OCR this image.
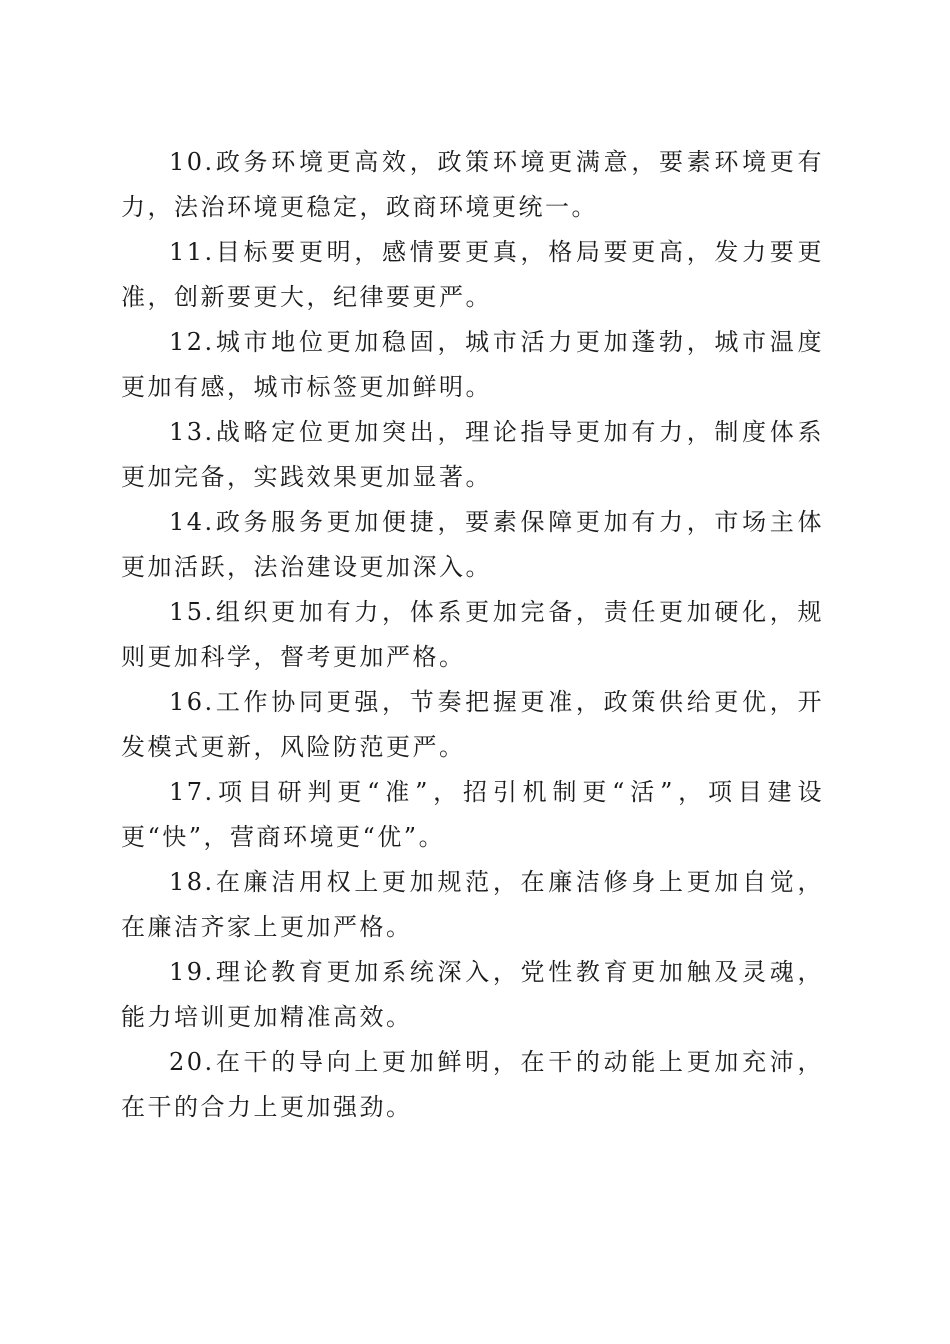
10.政务环境更高效，政策环境更满意，要素环境更有力，法治环境更稳定，政商环境更统一。

11.目标要更明，感情要更真，格局要更高，发力要更准，创新要更大，纪律要更严。

12.城市地位更加稳固，城市活力更加蓬勃，城市温度更加有感，城市标签更加鲜明。

13.战略定位更加突出，理论指导更加有力，制度体系更加完备，实践效果更加显著。

14.政务服务更加便捷，要素保障更加有力，市场主体更加活跃，法治建设更加深入。

15.组织更加有力，体系更加完备，责任更加硬化，规则更加科学，督考更加严格。

16.工作协同更强，节奏把握更准，政策供给更优，开发模式更新，风险防范更严。

17.项目研判更“准”，招引机制更“活”，项目建设更“快”，营商环境更“优”。

18.在廉洁用权上更加规范，在廉洁修身上更加自觉，在廉洁齐家上更加严格。

19.理论教育更加系统深入，党性教育更加触及灵魂，能力培训更加精准高效。

20.在干的导向上更加鲜明，在干的动能上更加充沛，在干的合力上更加强劲。
